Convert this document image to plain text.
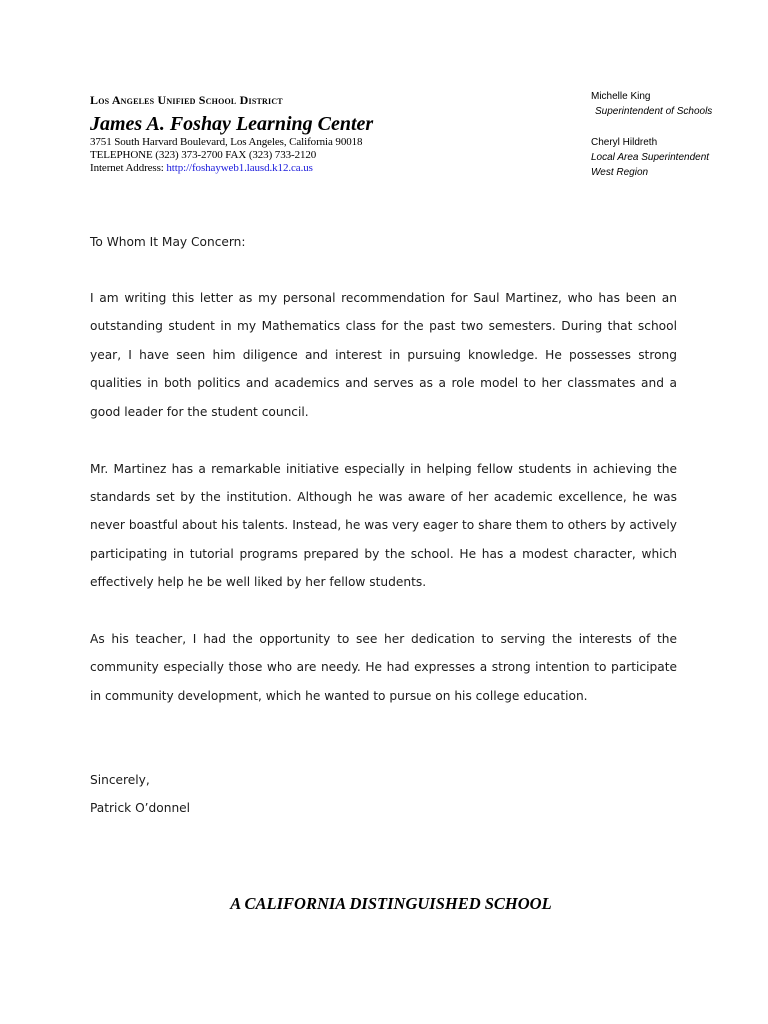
Los Angeles Unified School District
James A. Foshay Learning Center
3751 South Harvard Boulevard, Los Angeles, California 90018
TELEPHONE (323) 373-2700 FAX (323) 733-2120
Internet Address: http://foshayweb1.lausd.k12.ca.us
Michelle King
Superintendent of Schools
Cheryl Hildreth
Local Area Superintendent
West Region

To Whom It May Concern:

I am writing this letter as my personal recommendation for Saul Martinez, who has been an outstanding student in my Mathematics class for the past two semesters. During that school year, I have seen him diligence and interest in pursuing knowledge. He possesses strong qualities in both politics and academics and serves as a role model to her classmates and a good leader for the student council.

Mr. Martinez has a remarkable initiative especially in helping fellow students in achieving the standards set by the institution. Although he was aware of her academic excellence, he was never boastful about his talents. Instead, he was very eager to share them to others by actively participating in tutorial programs prepared by the school. He has a modest character, which effectively help he be well liked by her fellow students.

As his teacher, I had the opportunity to see her dedication to serving the interests of the community especially those who are needy. He had expresses a strong intention to participate in community development, which he wanted to pursue on his college education.

Sincerely,
Patrick O’donnel
A CALIFORNIA DISTINGUISHED SCHOOL
